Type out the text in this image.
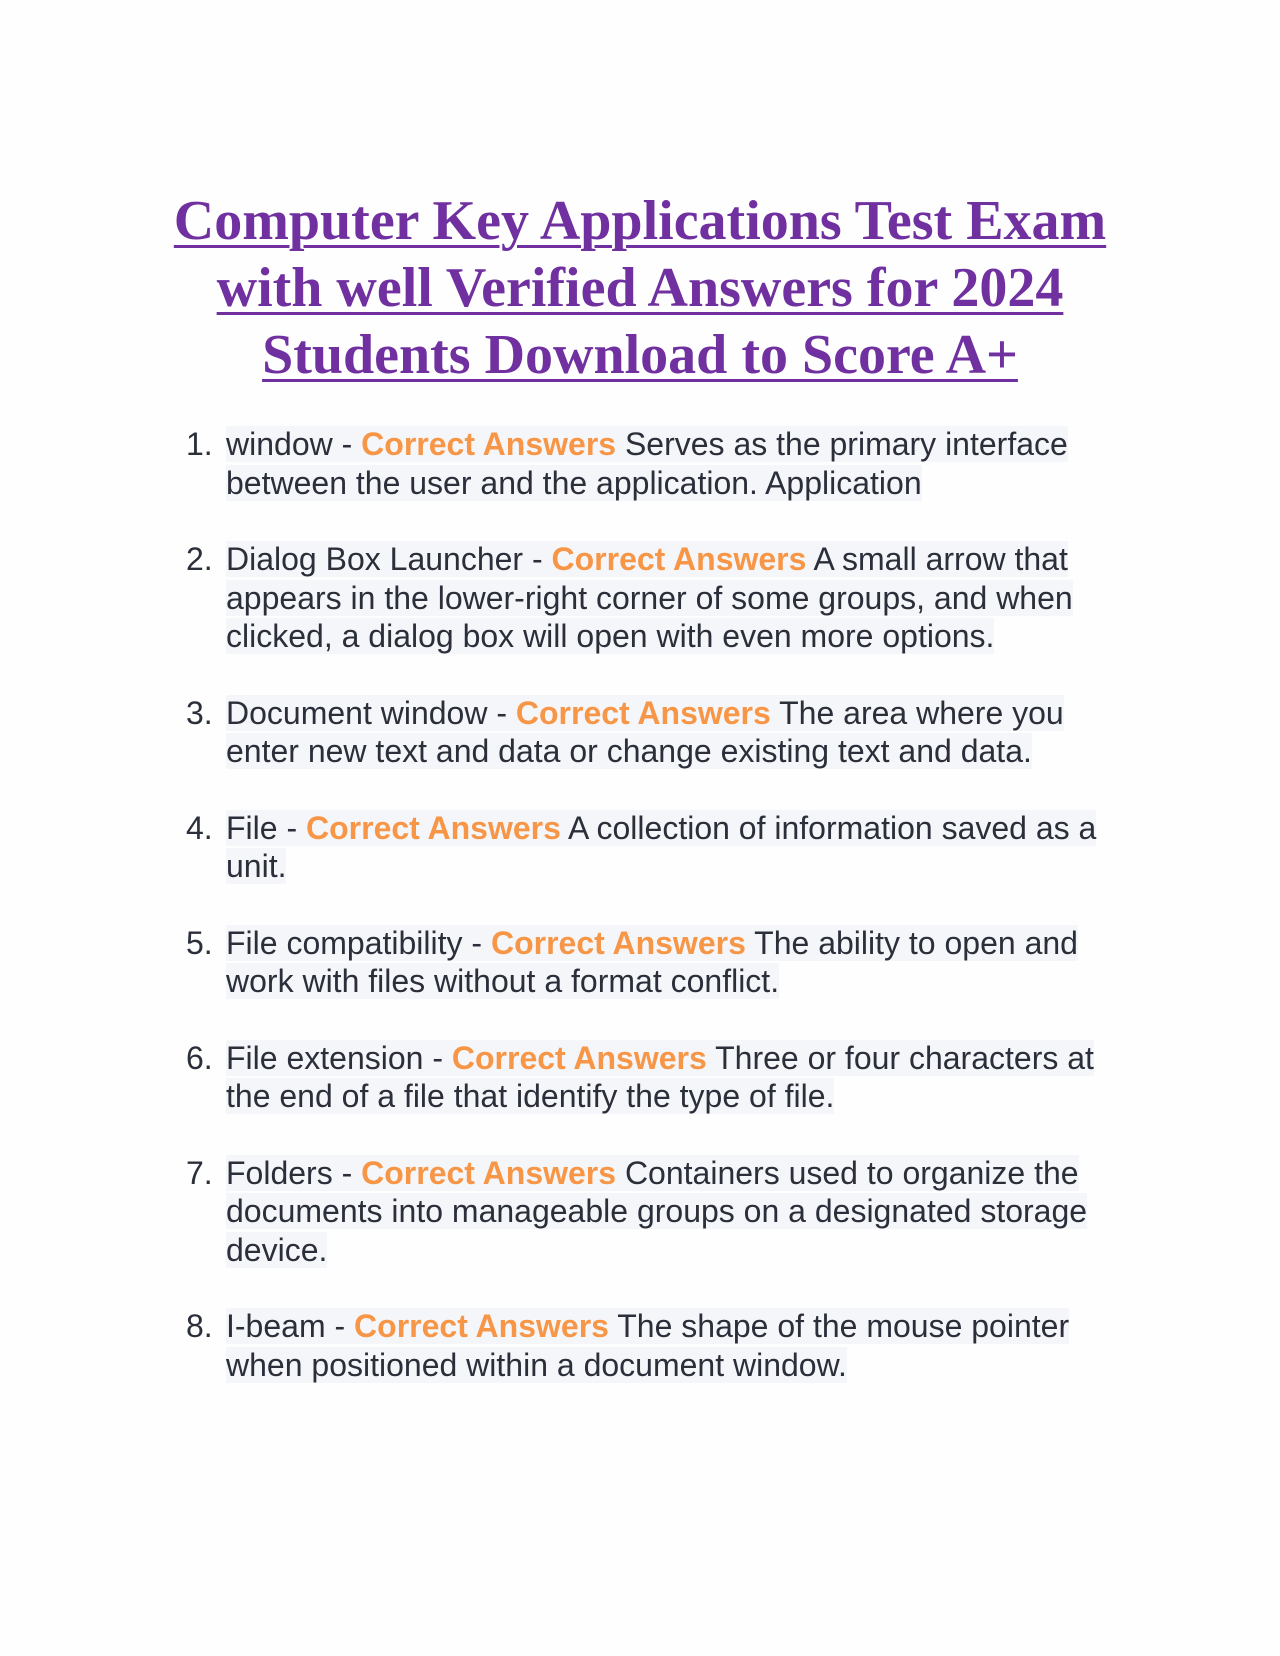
Computer Key Applications Test Exam with well Verified Answers for 2024 Students Download to Score A+
1. window - Correct Answers Serves as the primary interface between the user and the application. Application
2. Dialog Box Launcher - Correct Answers A small arrow that appears in the lower-right corner of some groups, and when clicked, a dialog box will open with even more options.
3. Document window - Correct Answers The area where you enter new text and data or change existing text and data.
4. File - Correct Answers A collection of information saved as a unit.
5. File compatibility - Correct Answers The ability to open and work with files without a format conflict.
6. File extension - Correct Answers Three or four characters at the end of a file that identify the type of file.
7. Folders - Correct Answers Containers used to organize the documents into manageable groups on a designated storage device.
8. I-beam - Correct Answers The shape of the mouse pointer when positioned within a document window.
